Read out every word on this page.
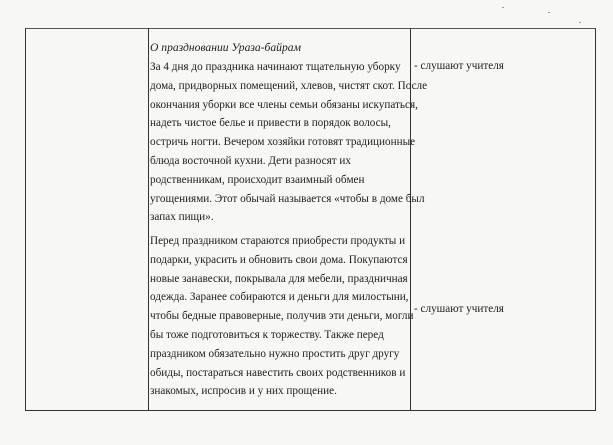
О праздновании Ураза-байрам
За 4 дня до праздника начинают тщательную уборку
дома, придворных помещений, хлевов, чистят скот. После
окончания уборки все члены семьи обязаны искупаться,
надеть чистое белье и привести в порядок волосы,
остричь ногти. Вечером хозяйки готовят традиционные
блюда восточной кухни. Дети разносят их
родственникам, происходит взаимный обмен
угощениями. Этот обычай называется «чтобы в доме был
запах пищи».
Перед праздником стараются приобрести продукты и
подарки, украсить и обновить свои дома. Покупаются
новые занавески, покрывала для мебели, праздничная
одежда. Заранее собираются и деньги для милостыни,
чтобы бедные правоверные, получив эти деньги, могли
бы тоже подготовиться к торжеству. Также перед
праздником обязательно нужно простить друг другу
обиды, постараться навестить своих родственников и
знакомых, испросив и у них прощение.
- слушают учителя
- слушают учителя
